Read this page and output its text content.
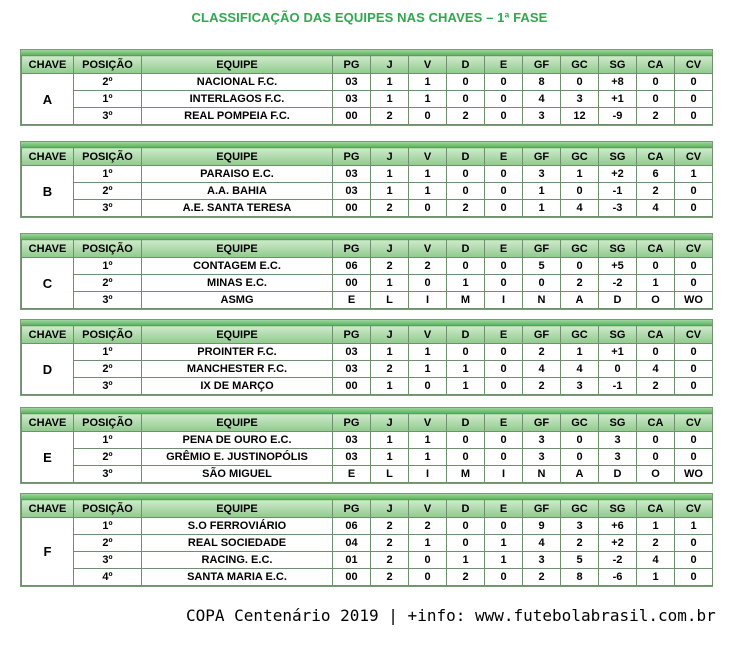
CLASSIFICAÇÃO DAS EQUIPES NAS CHAVES – 1ª FASE
CHAVE	POSIÇÃO	EQUIPE	PG	J	V	D	E	GF	GC	SG	CA	CV
A	2º	NACIONAL F.C.	03	1	1	0	0	8	0	+8	0	0
	1º	INTERLAGOS F.C.	03	1	1	0	0	4	3	+1	0	0
	3º	REAL POMPEIA F.C.	00	2	0	2	0	3	12	-9	2	0
CHAVE	POSIÇÃO	EQUIPE	PG	J	V	D	E	GF	GC	SG	CA	CV
B	1º	PARAISO E.C.	03	1	1	0	0	3	1	+2	6	1
	2º	A.A. BAHIA	03	1	1	0	0	1	0	-1	2	0
	3º	A.E. SANTA TERESA	00	2	0	2	0	1	4	-3	4	0
CHAVE	POSIÇÃO	EQUIPE	PG	J	V	D	E	GF	GC	SG	CA	CV
C	1º	CONTAGEM E.C.	06	2	2	0	0	5	0	+5	0	0
	2º	MINAS E.C.	00	1	0	1	0	0	2	-2	1	0
	3º	ASMG	E	L	I	M	I	N	A	D	O	WO
CHAVE	POSIÇÃO	EQUIPE	PG	J	V	D	E	GF	GC	SG	CA	CV
D	1º	PROINTER F.C.	03	1	1	0	0	2	1	+1	0	0
	2º	MANCHESTER F.C.	03	2	1	1	0	4	4	0	4	0
	3º	IX DE MARÇO	00	1	0	1	0	2	3	-1	2	0
CHAVE	POSIÇÃO	EQUIPE	PG	J	V	D	E	GF	GC	SG	CA	CV
E	1º	PENA DE OURO E.C.	03	1	1	0	0	3	0	3	0	0
	2º	GRÊMIO E. JUSTINOPÓLIS	03	1	1	0	0	3	0	3	0	0
	3º	SÃO MIGUEL	E	L	I	M	I	N	A	D	O	WO
CHAVE	POSIÇÃO	EQUIPE	PG	J	V	D	E	GF	GC	SG	CA	CV
F	1º	S.O FERROVIÁRIO	06	2	2	0	0	9	3	+6	1	1
	2º	REAL SOCIEDADE	04	2	1	0	1	4	2	+2	2	0
	3º	RACING. E.C.	01	2	0	1	1	3	5	-2	4	0
	4º	SANTA MARIA E.C.	00	2	0	2	0	2	8	-6	1	0
COPA Centenário 2019 | +info: www.futebolabrasil.com.br
